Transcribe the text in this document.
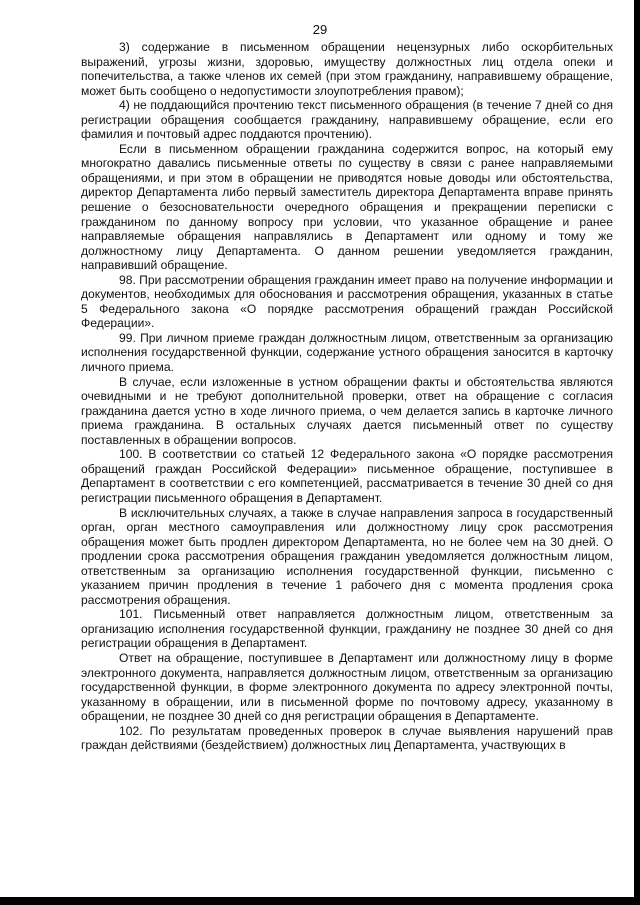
29

3) содержание в письменном обращении нецензурных либо оскорбительных выражений, угрозы жизни, здоровью, имуществу должностных лиц отдела опеки и попечительства, а также членов их семей (при этом гражданину, направившему обращение, может быть сообщено о недопустимости злоупотребления правом);

4) не поддающийся прочтению текст письменного обращения (в течение 7 дней со дня регистрации обращения сообщается гражданину, направившему обращение, если его фамилия и почтовый адрес поддаются прочтению).

Если в письменном обращении гражданина содержится вопрос, на который ему многократно давались письменные ответы по существу в связи с ранее направляемыми обращениями, и при этом в обращении не приводятся новые доводы или обстоятельства, директор Департамента либо первый заместитель директора Департамента вправе принять решение о безосновательности очередного обращения и прекращении переписки с гражданином по данному вопросу при условии, что указанное обращение и ранее направляемые обращения направлялись в Департамент или одному и тому же должностному лицу Департамента. О данном решении уведомляется гражданин, направивший обращение.

98. При рассмотрении обращения гражданин имеет право на получение информации и документов, необходимых для обоснования и рассмотрения обращения, указанных в статье 5 Федерального закона «О порядке рассмотрения обращений граждан Российской Федерации».

99. При личном приеме граждан должностным лицом, ответственным за организацию исполнения государственной функции, содержание устного обращения заносится в карточку личного приема.

В случае, если изложенные в устном обращении факты и обстоятельства являются очевидными и не требуют дополнительной проверки, ответ на обращение с согласия гражданина дается устно в ходе личного приема, о чем делается запись в карточке личного приема гражданина. В остальных случаях дается письменный ответ по существу поставленных в обращении вопросов.

100. В соответствии со статьей 12 Федерального закона «О порядке рассмотрения обращений граждан Российской Федерации» письменное обращение, поступившее в Департамент в соответствии с его компетенцией, рассматривается в течение 30 дней со дня регистрации письменного обращения в Департамент.

В исключительных случаях, а также в случае направления запроса в государственный орган, орган местного самоуправления или должностному лицу срок рассмотрения обращения может быть продлен директором Департамента, но не более чем на 30 дней. О продлении срока рассмотрения обращения гражданин уведомляется должностным лицом, ответственным за организацию исполнения государственной функции, письменно с указанием причин продления в течение 1 рабочего дня с момента продления срока рассмотрения обращения.

101. Письменный ответ направляется должностным лицом, ответственным за организацию исполнения государственной функции, гражданину не позднее 30 дней со дня регистрации обращения в Департамент.

Ответ на обращение, поступившее в Департамент или должностному лицу в форме электронного документа, направляется должностным лицом, ответственным за организацию государственной функции, в форме электронного документа по адресу электронной почты, указанному в обращении, или в письменной форме по почтовому адресу, указанному в обращении, не позднее 30 дней со дня регистрации обращения в Департаменте.

102. По результатам проведенных проверок в случае выявления нарушений прав граждан действиями (бездействием) должностных лиц Департамента, участвующих в
